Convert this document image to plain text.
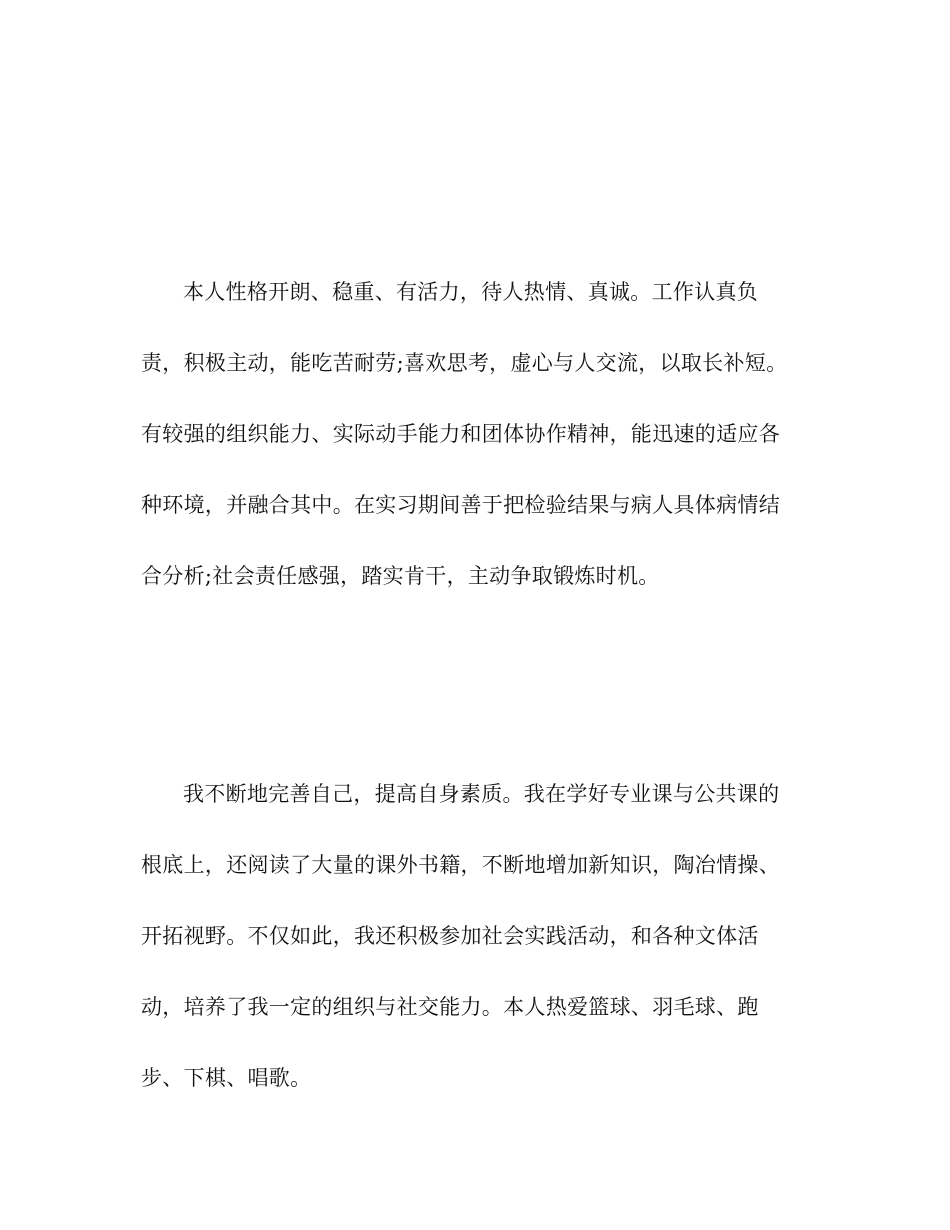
本人性格开朗、稳重、有活力，待人热情、真诚。工作认真负
责，积极主动，能吃苦耐劳;喜欢思考，虚心与人交流，以取长补短。
有较强的组织能力、实际动手能力和团体协作精神，能迅速的适应各
种环境，并融合其中。在实习期间善于把检验结果与病人具体病情结
合分析;社会责任感强，踏实肯干，主动争取锻炼时机。
我不断地完善自己，提高自身素质。我在学好专业课与公共课的
根底上，还阅读了大量的课外书籍，不断地增加新知识，陶冶情操、
开拓视野。不仅如此，我还积极参加社会实践活动，和各种文体活
动，培养了我一定的组织与社交能力。本人热爱篮球、羽毛球、跑
步、下棋、唱歌。
